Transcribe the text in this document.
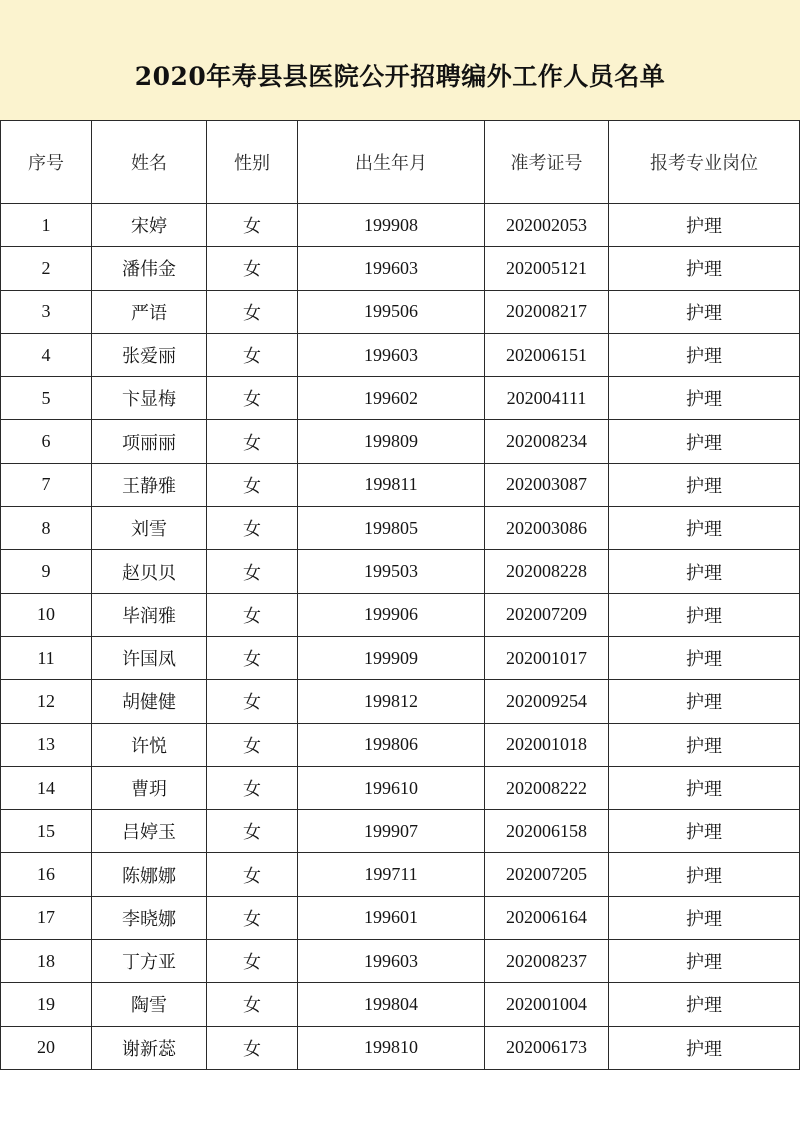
2020年寿县县医院公开招聘编外工作人员名单
序号	姓名	性别	出生年月	准考证号	报考专业岗位
1	宋婷	女	199908	202002053	护理
2	潘伟金	女	199603	202005121	护理
3	严语	女	199506	202008217	护理
4	张爱丽	女	199603	202006151	护理
5	卞显梅	女	199602	202004111	护理
6	项丽丽	女	199809	202008234	护理
7	王静雅	女	199811	202003087	护理
8	刘雪	女	199805	202003086	护理
9	赵贝贝	女	199503	202008228	护理
10	毕润雅	女	199906	202007209	护理
11	许国凤	女	199909	202001017	护理
12	胡健健	女	199812	202009254	护理
13	许悦	女	199806	202001018	护理
14	曹玥	女	199610	202008222	护理
15	吕婷玉	女	199907	202006158	护理
16	陈娜娜	女	199711	202007205	护理
17	李晓娜	女	199601	202006164	护理
18	丁方亚	女	199603	202008237	护理
19	陶雪	女	199804	202001004	护理
20	谢新蕊	女	199810	202006173	护理
